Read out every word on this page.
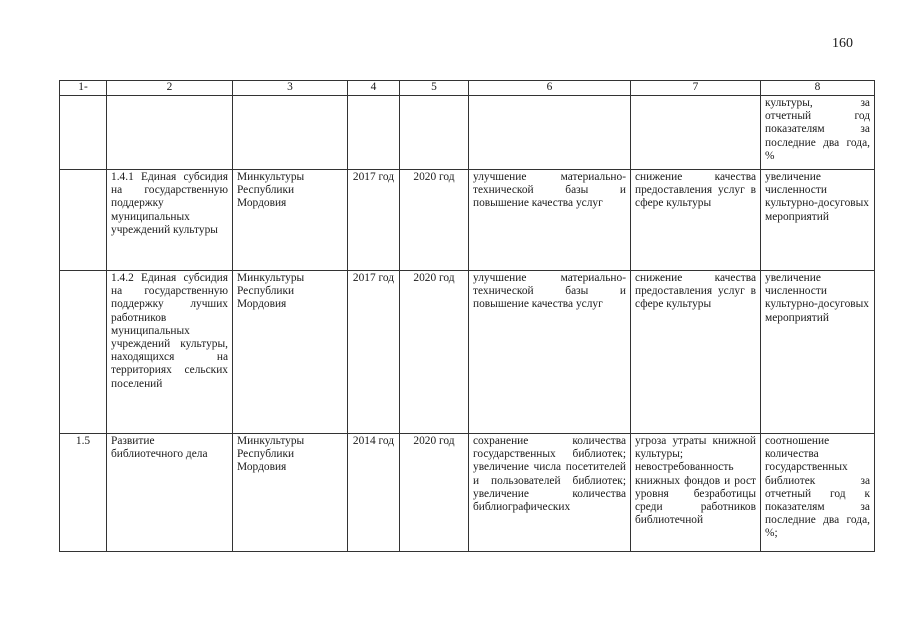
160
1-	2	3	4	5	6	7	8
							культуры, за отчетный год показателям за последние два года, %
	1.4.1 Единая субсидия на государственную поддержку муниципальных учреждений культуры	Минкультуры Республики Мордовия	2017 год	2020 год	улучшение материально-технической базы и повышение качества услуг	снижение качества предоставления услуг в сфере культуры	увеличение численности культурно-досуговых мероприятий
	1.4.2 Единая субсидия на государственную поддержку лучших работников муниципальных учреждений культуры, находящихся на территориях сельских поселений	Минкультуры Республики Мордовия	2017 год	2020 год	улучшение материально-технической базы и повышение качества услуг	снижение качества предоставления услуг в сфере культуры	увеличение численности культурно-досуговых мероприятий
1.5	Развитие библиотечного дела	Минкультуры Республики Мордовия	2014 год	2020 год	сохранение количества государственных библиотек; увеличение числа посетителей и пользователей библиотек; увеличение количества библиографических	угроза утраты книжной культуры; невостребованность книжных фондов и рост уровня безработицы среди работников библиотечной	соотношение количества государственных библиотек за отчетный год к показателям за последние два года, %;
